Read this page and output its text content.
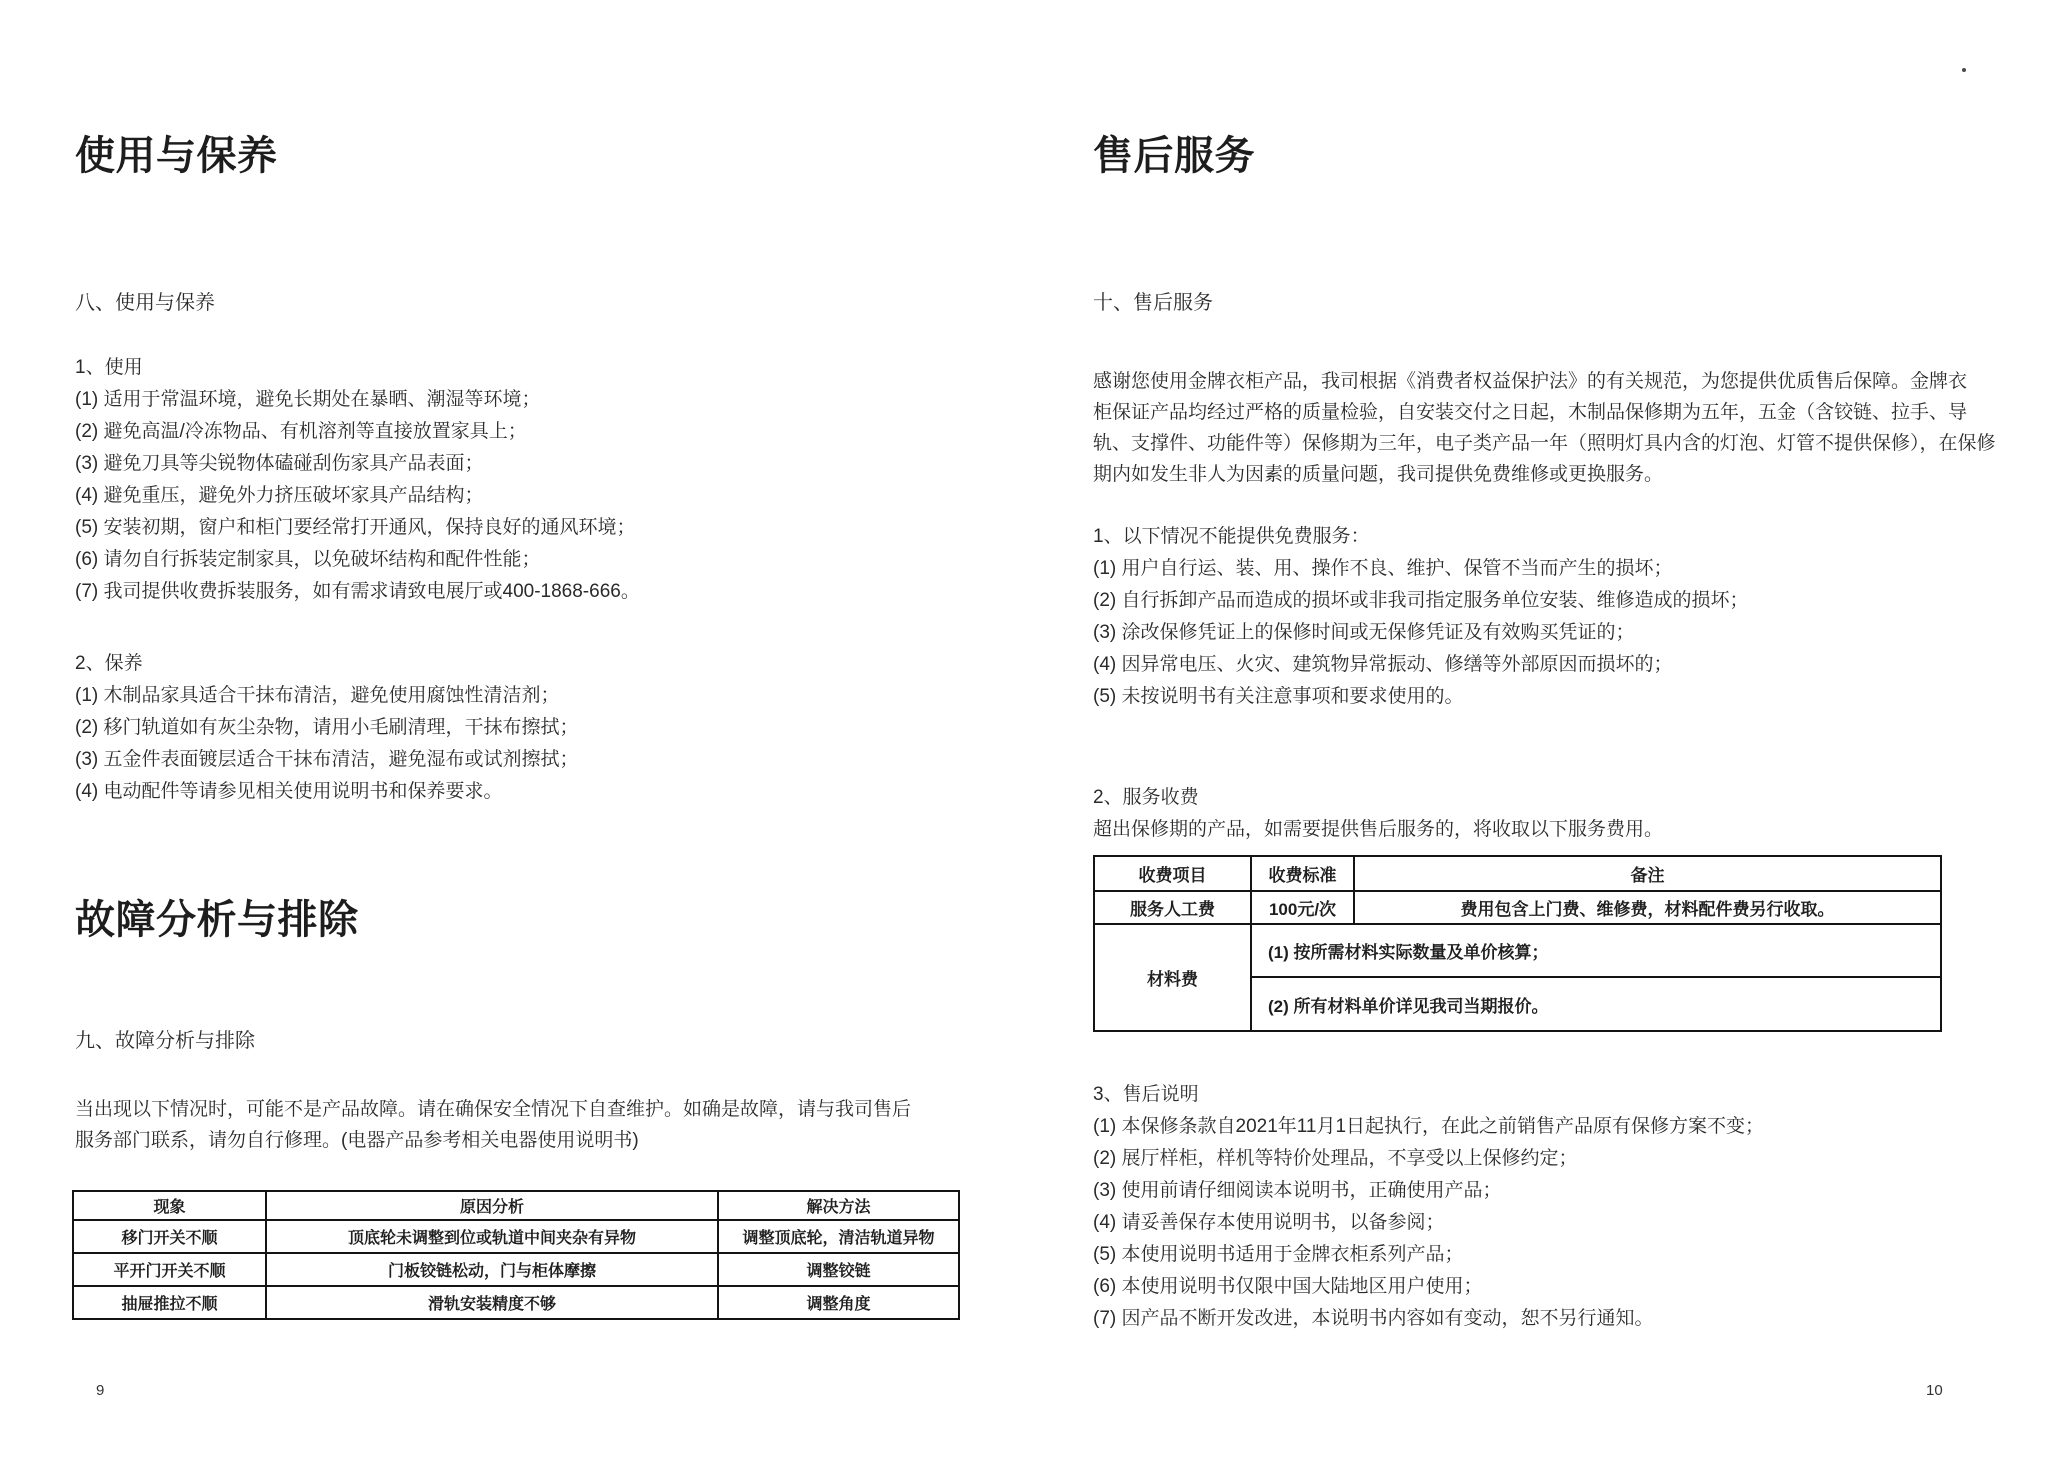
使用与保养
八、使用与保养
1、使用
(1) 适用于常温环境，避免长期处在暴晒、潮湿等环境；
(2) 避免高温/冷冻物品、有机溶剂等直接放置家具上；
(3) 避免刀具等尖锐物体磕碰刮伤家具产品表面；
(4) 避免重压，避免外力挤压破坏家具产品结构；
(5) 安装初期，窗户和柜门要经常打开通风，保持良好的通风环境；
(6) 请勿自行拆装定制家具，以免破坏结构和配件性能；
(7) 我司提供收费拆装服务，如有需求请致电展厅或400-1868-666。
2、保养
(1) 木制品家具适合干抹布清洁，避免使用腐蚀性清洁剂；
(2) 移门轨道如有灰尘杂物，请用小毛刷清理，干抹布擦拭；
(3) 五金件表面镀层适合干抹布清洁，避免湿布或试剂擦拭；
(4) 电动配件等请参见相关使用说明书和保养要求。
故障分析与排除
九、故障分析与排除
当出现以下情况时，可能不是产品故障。请在确保安全情况下自查维护。如确是故障，请与我司售后
服务部门联系，请勿自行修理。(电器产品参考相关电器使用说明书)
现象	原因分析	解决方法
移门开关不顺	顶底轮未调整到位或轨道中间夹杂有异物	调整顶底轮，清洁轨道异物
平开门开关不顺	门板铰链松动，门与柜体摩擦	调整铰链
抽屉推拉不顺	滑轨安装精度不够	调整角度
售后服务
十、售后服务
感谢您使用金牌衣柜产品，我司根据《消费者权益保护法》的有关规范，为您提供优质售后保障。金牌衣
柜保证产品均经过严格的质量检验，自安装交付之日起，木制品保修期为五年，五金（含铰链、拉手、导
轨、支撑件、功能件等）保修期为三年，电子类产品一年（照明灯具内含的灯泡、灯管不提供保修），在保修
期内如发生非人为因素的质量问题，我司提供免费维修或更换服务。
1、以下情况不能提供免费服务：
(1) 用户自行运、装、用、操作不良、维护、保管不当而产生的损坏；
(2) 自行拆卸产品而造成的损坏或非我司指定服务单位安装、维修造成的损坏；
(3) 涂改保修凭证上的保修时间或无保修凭证及有效购买凭证的；
(4) 因异常电压、火灾、建筑物异常振动、修缮等外部原因而损坏的；
(5) 未按说明书有关注意事项和要求使用的。
2、服务收费
超出保修期的产品，如需要提供售后服务的，将收取以下服务费用。
收费项目	收费标准	备注
服务人工费	100元/次	费用包含上门费、维修费，材料配件费另行收取。
材料费	(1) 按所需材料实际数量及单价核算；	
	(2) 所有材料单价详见我司当期报价。	
3、售后说明
(1) 本保修条款自2021年11月1日起执行，在此之前销售产品原有保修方案不变；
(2) 展厅样柜，样机等特价处理品，不享受以上保修约定；
(3) 使用前请仔细阅读本说明书，正确使用产品；
(4) 请妥善保存本使用说明书，以备参阅；
(5) 本使用说明书适用于金牌衣柜系列产品；
(6) 本使用说明书仅限中国大陆地区用户使用；
(7) 因产品不断开发改进，本说明书内容如有变动，恕不另行通知。
9	10
